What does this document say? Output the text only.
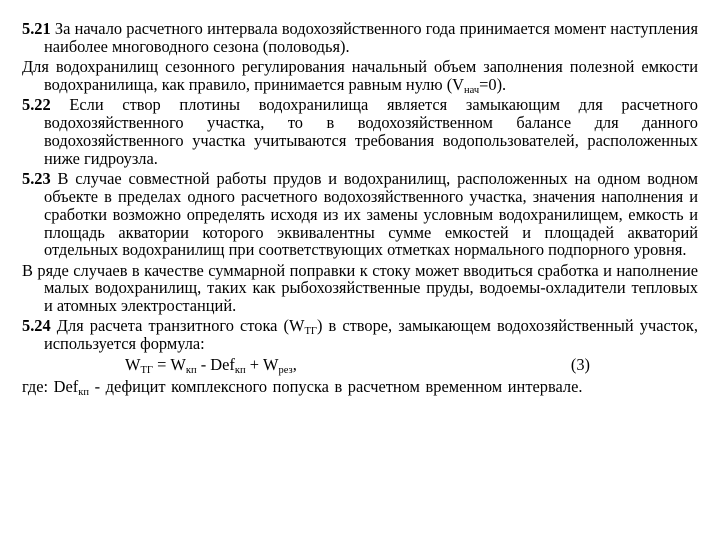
5.21 За начало расчетного интервала водохозяйственного года принимается момент наступления наиболее многоводного сезона (половодья).

Для водохранилищ сезонного регулирования начальный объем заполнения полезной емкости водохранилища, как правило, принимается равным нулю $(V_{нач}=0)$.

5.22 Если створ плотины водохранилища является замыкающим для расчетного водохозяйственного участка, то в водохозяйственном балансе для данного водохозяйственного участка учитываются требования водопользователей, расположенных ниже гидроузла.

5.23 В случае совместной работы прудов и водохранилищ, расположенных на одном водном объекте в пределах одного расчетного водохозяйственного участка, значения наполнения и сработки возможно определять исходя из их замены условным водохранилищем, емкость и площадь акватории которого эквивалентны сумме емкостей и площадей акваторий отдельных водохранилищ при соответствующих отметках нормального подпорного уровня.

В ряде случаев в качестве суммарной поправки к стоку может вводиться сработка и наполнение малых водохранилищ, таких как рыбохозяйственные пруды, водоемы-охладители тепловых и атомных электростанций.

5.24 Для расчета транзитного стока $(W_{ТГ})$ в створе, замыкающем водохозяйственный участок, используется формула:

$W_{ТГ} = W_{кп} - Def_{кп} + W_{рез}$,	(3)

где: Def$_{кп}$ - дефицит комплексного попуска в расчетном временном интервале.
